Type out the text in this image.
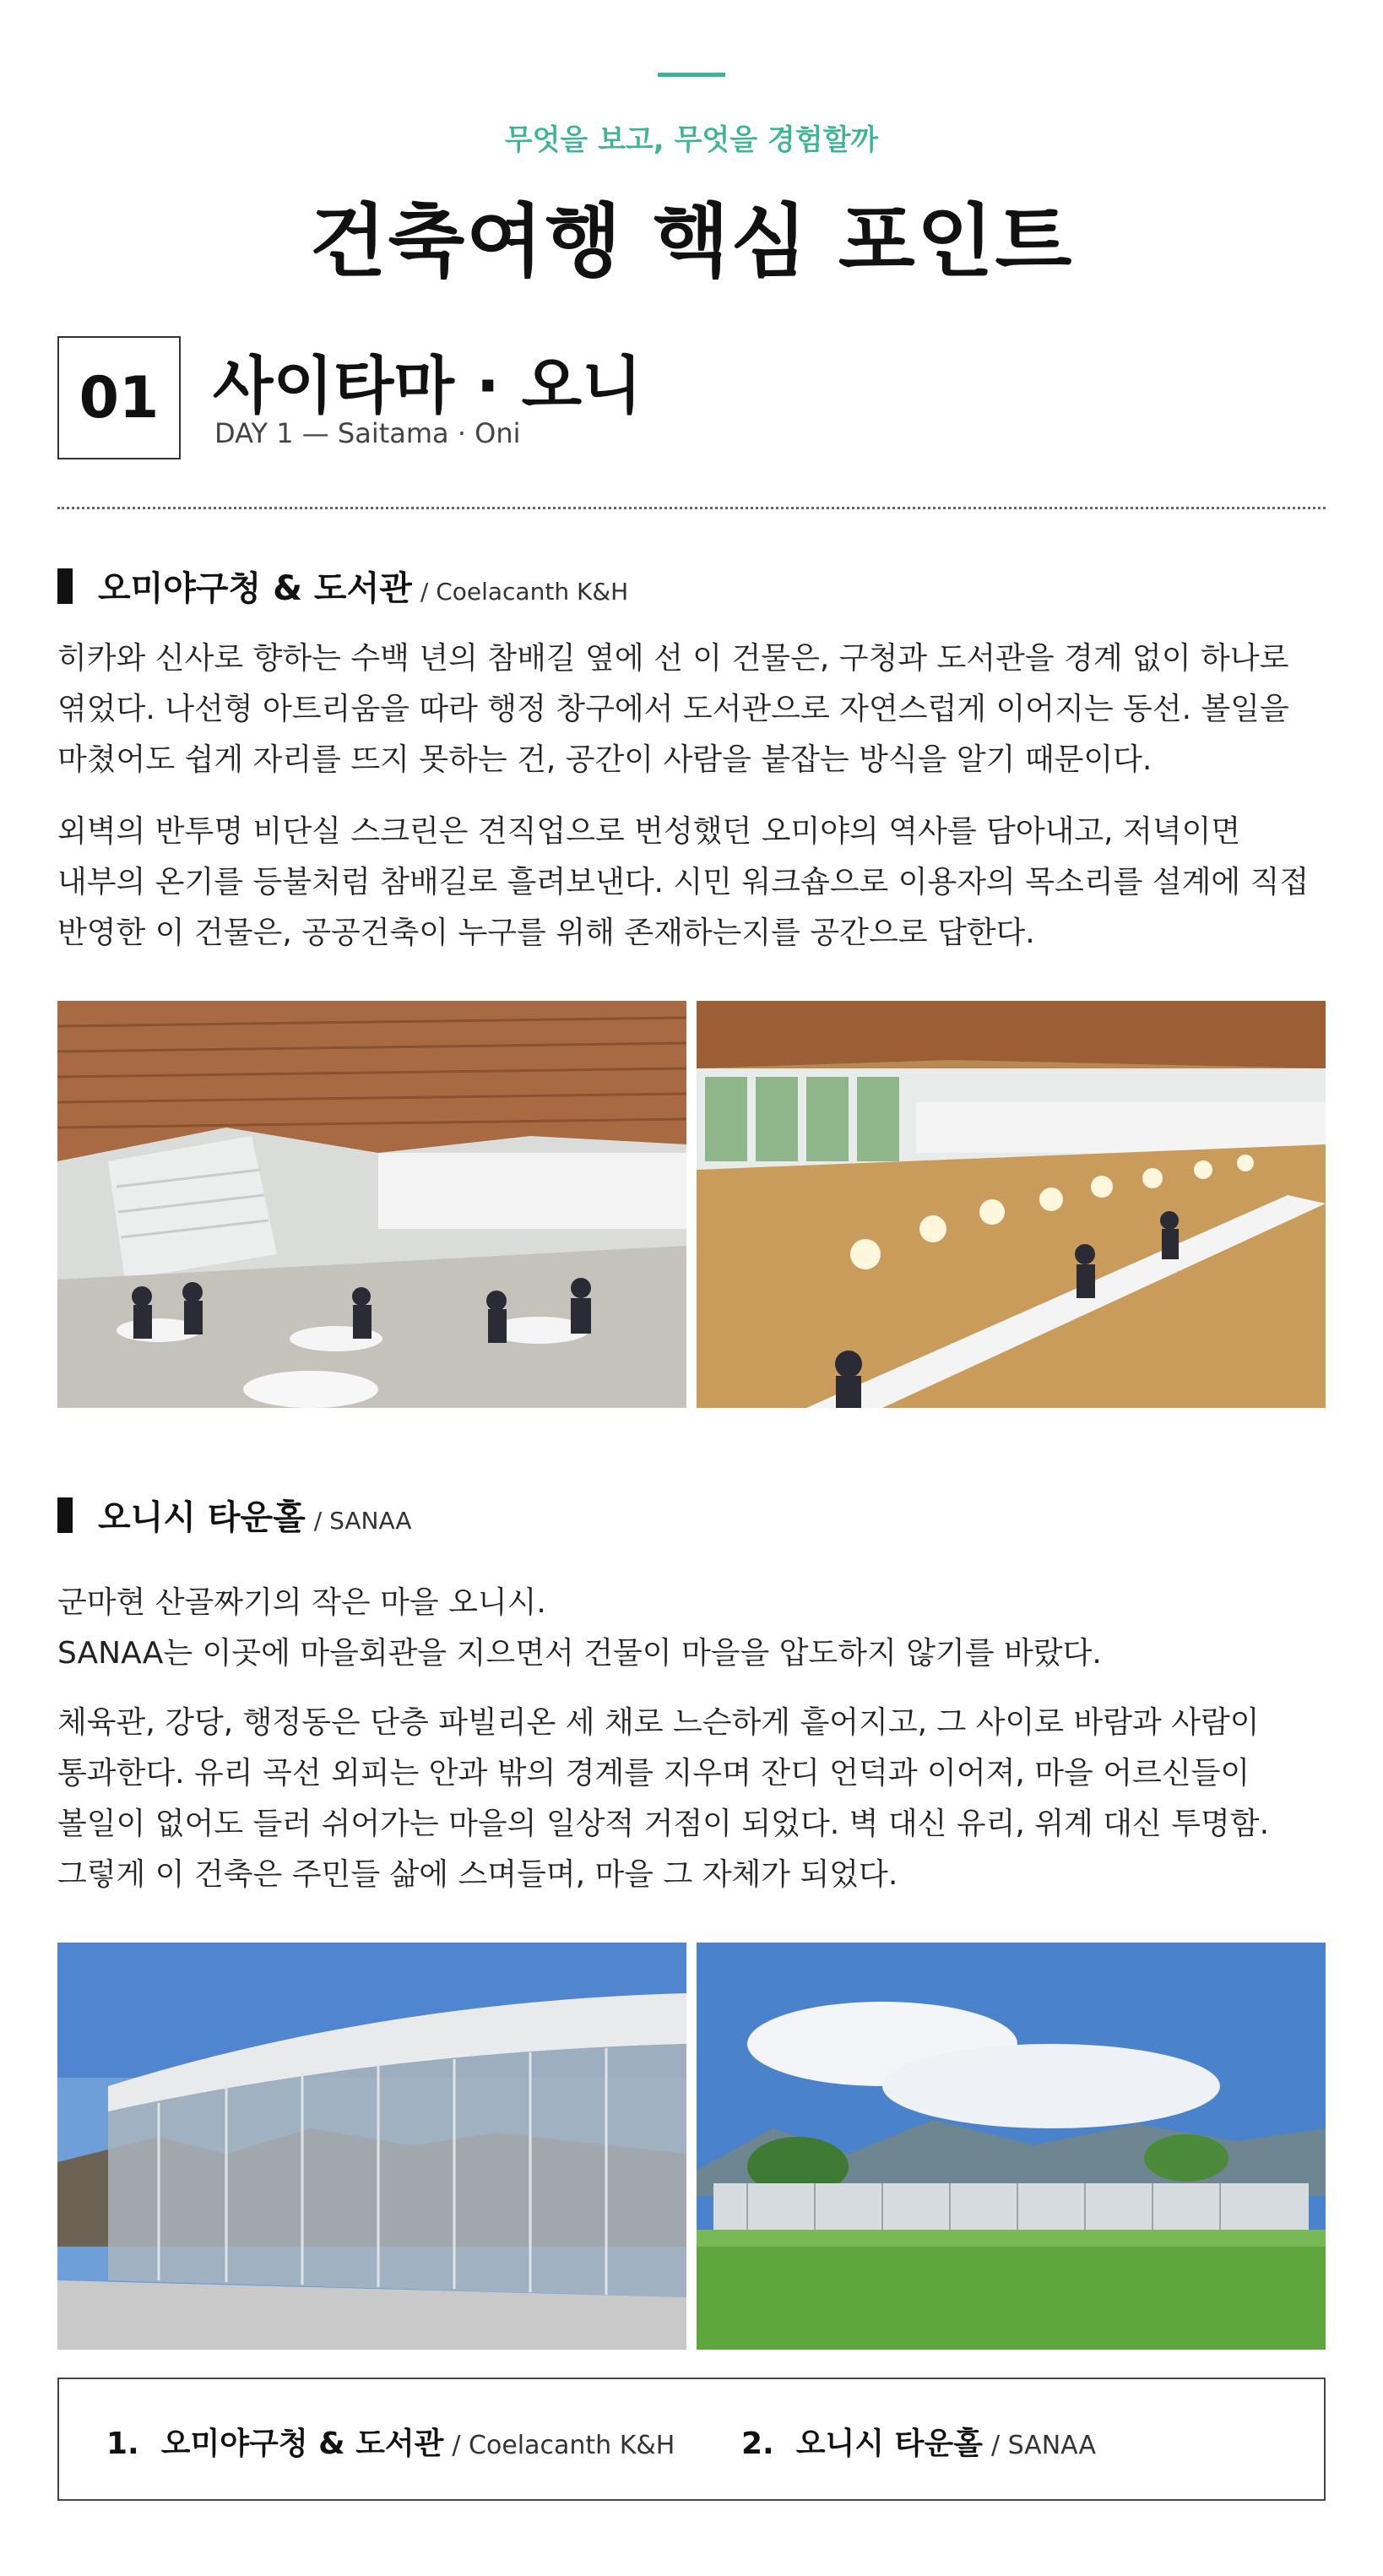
무엇을 보고, 무엇을 경험할까
건축여행 핵심 포인트
01 사이타마 · 오니
DAY 1 — Saitama · Oni
오미야구청 & 도서관 / Coelacanth K&H
히카와 신사로 향하는 수백 년의 참배길 옆에 선 이 건물은, 구청과 도서관을 경계 없이 하나로
엮었다. 나선형 아트리움을 따라 행정 창구에서 도서관으로 자연스럽게 이어지는 동선. 볼일을
마쳤어도 쉽게 자리를 뜨지 못하는 건, 공간이 사람을 붙잡는 방식을 알기 때문이다.
외벽의 반투명 비단실 스크린은 견직업으로 번성했던 오미야의 역사를 담아내고, 저녁이면
내부의 온기를 등불처럼 참배길로 흘려보낸다. 시민 워크숍으로 이용자의 목소리를 설계에 직접
반영한 이 건물은, 공공건축이 누구를 위해 존재하는지를 공간으로 답한다.
오니시 타운홀 / SANAA
군마현 산골짜기의 작은 마을 오니시.
SANAA는 이곳에 마을회관을 지으면서 건물이 마을을 압도하지 않기를 바랐다.
체육관, 강당, 행정동은 단층 파빌리온 세 채로 느슨하게 흩어지고, 그 사이로 바람과 사람이
통과한다. 유리 곡선 외피는 안과 밖의 경계를 지우며 잔디 언덕과 이어져, 마을 어르신들이
볼일이 없어도 들러 쉬어가는 마을의 일상적 거점이 되었다. 벽 대신 유리, 위계 대신 투명함.
그렇게 이 건축은 주민들 삶에 스며들며, 마을 그 자체가 되었다.
1. 오미야구청 & 도서관 / Coelacanth K&H 2. 오니시 타운홀 / SANAA
